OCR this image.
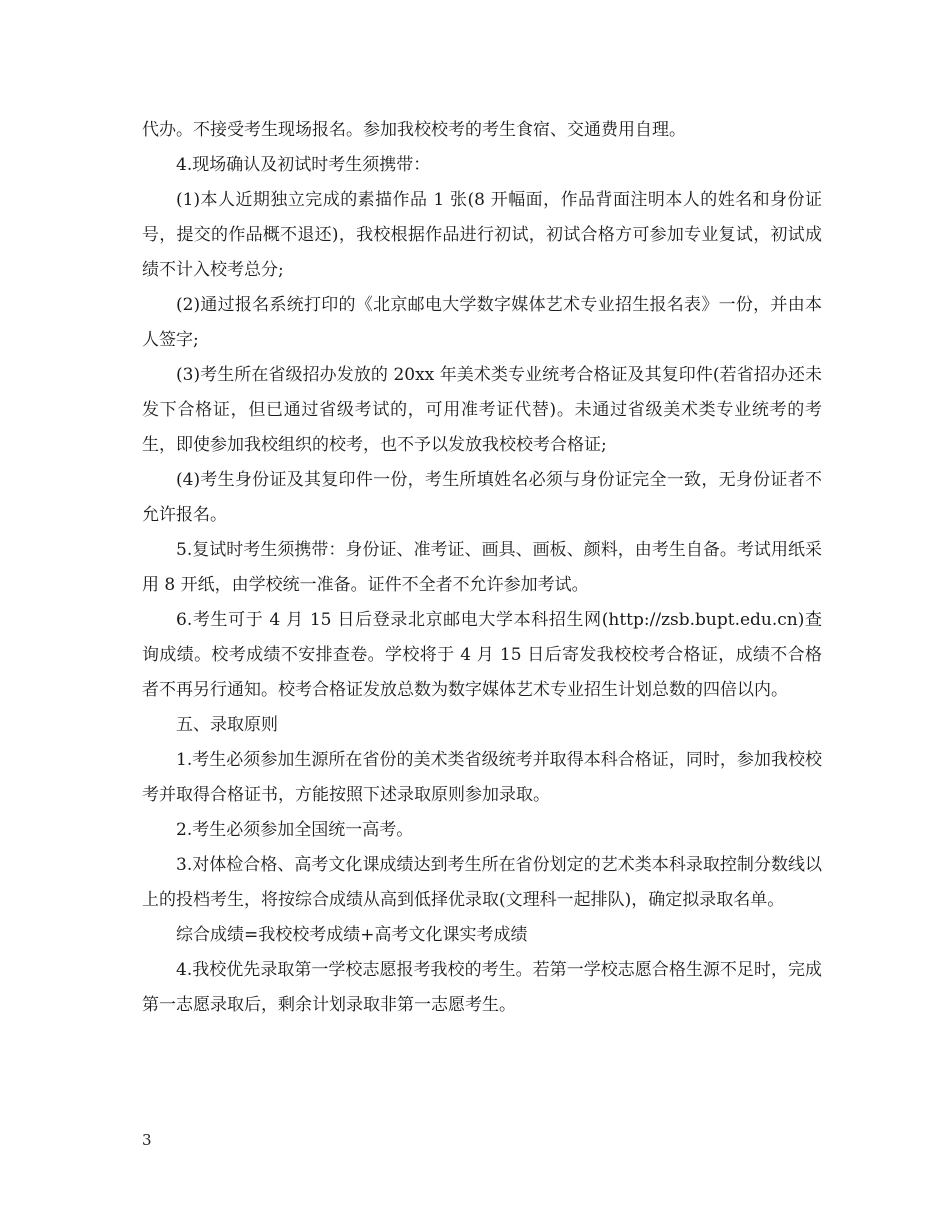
代办。不接受考生现场报名。参加我校校考的考生食宿、交通费用自理。

4.现场确认及初试时考生须携带：

(1)本人近期独立完成的素描作品 1 张(8 开幅面，作品背面注明本人的姓名和身份证号，提交的作品概不退还)，我校根据作品进行初试，初试合格方可参加专业复试，初试成绩不计入校考总分;

(2)通过报名系统打印的《北京邮电大学数字媒体艺术专业招生报名表》一份，并由本人签字;

(3)考生所在省级招办发放的 20xx 年美术类专业统考合格证及其复印件(若省招办还未发下合格证，但已通过省级考试的，可用准考证代替)。未通过省级美术类专业统考的考生，即使参加我校组织的校考，也不予以发放我校校考合格证;

(4)考生身份证及其复印件一份，考生所填姓名必须与身份证完全一致，无身份证者不允许报名。

5.复试时考生须携带：身份证、准考证、画具、画板、颜料，由考生自备。考试用纸采用 8 开纸，由学校统一准备。证件不全者不允许参加考试。

6.考生可于 4 月 15 日后登录北京邮电大学本科招生网(http://zsb.bupt.edu.cn)查询成绩。校考成绩不安排查卷。学校将于 4 月 15 日后寄发我校校考合格证，成绩不合格者不再另行通知。校考合格证发放总数为数字媒体艺术专业招生计划总数的四倍以内。

五、录取原则

1.考生必须参加生源所在省份的美术类省级统考并取得本科合格证，同时，参加我校校考并取得合格证书，方能按照下述录取原则参加录取。

2.考生必须参加全国统一高考。

3.对体检合格、高考文化课成绩达到考生所在省份划定的艺术类本科录取控制分数线以上的投档考生，将按综合成绩从高到低择优录取(文理科一起排队)，确定拟录取名单。

综合成绩=我校校考成绩+高考文化课实考成绩

4.我校优先录取第一学校志愿报考我校的考生。若第一学校志愿合格生源不足时，完成第一志愿录取后，剩余计划录取非第一志愿考生。

3
